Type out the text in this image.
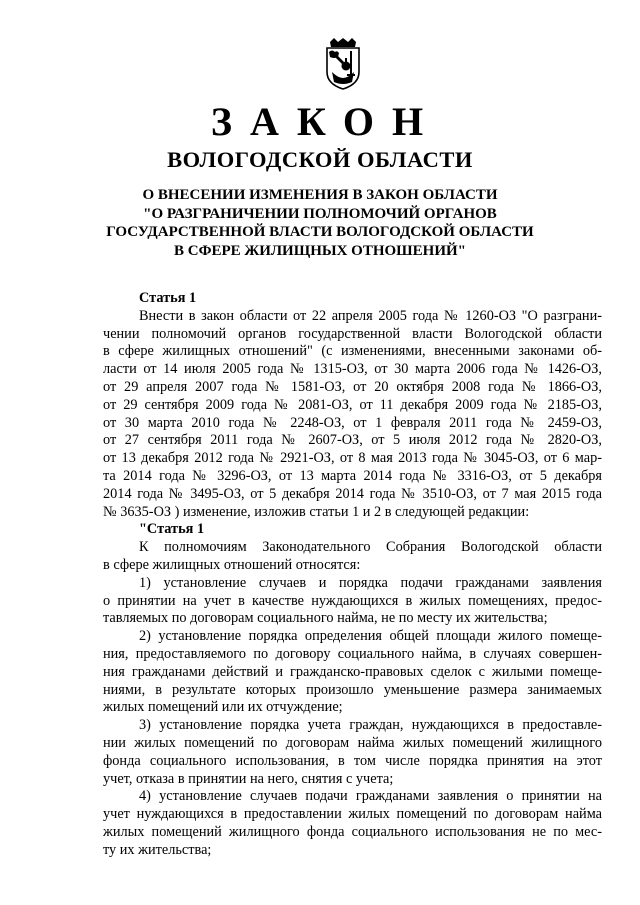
ЗАКОН
ВОЛОГОДСКОЙ ОБЛАСТИ
О ВНЕСЕНИИ ИЗМЕНЕНИЯ В ЗАКОН ОБЛАСТИ
"О РАЗГРАНИЧЕНИИ ПОЛНОМОЧИЙ ОРГАНОВ
ГОСУДАРСТВЕННОЙ ВЛАСТИ ВОЛОГОДСКОЙ ОБЛАСТИ
В СФЕРЕ ЖИЛИЩНЫХ ОТНОШЕНИЙ"
Статья 1
Внести в закон области от 22 апреля 2005 года № 1260-ОЗ "О разграни-
чении полномочий органов государственной власти Вологодской области
в сфере жилищных отношений" (с изменениями, внесенными законами об-
ласти от 14 июля 2005 года № 1315-ОЗ, от 30 марта 2006 года № 1426-ОЗ,
от 29 апреля 2007 года № 1581-ОЗ, от 20 октября 2008 года № 1866-ОЗ,
от 29 сентября 2009 года № 2081-ОЗ, от 11 декабря 2009 года № 2185-ОЗ,
от 30 марта 2010 года № 2248-ОЗ, от 1 февраля 2011 года № 2459-ОЗ,
от 27 сентября 2011 года № 2607-ОЗ, от 5 июля 2012 года № 2820-ОЗ,
от 13 декабря 2012 года № 2921-ОЗ, от 8 мая 2013 года № 3045-ОЗ, от 6 мар-
та 2014 года № 3296-ОЗ, от 13 марта 2014 года № 3316-ОЗ, от 5 декабря
2014 года № 3495-ОЗ, от 5 декабря 2014 года № 3510-ОЗ, от 7 мая 2015 года
№ 3635-ОЗ ) изменение, изложив статьи 1 и 2 в следующей редакции:
"Статья 1
К полномочиям Законодательного Собрания Вологодской области
в сфере жилищных отношений относятся:
1) установление случаев и порядка подачи гражданами заявления
о принятии на учет в качестве нуждающихся в жилых помещениях, предос-
тавляемых по договорам социального найма, не по месту их жительства;
2) установление порядка определения общей площади жилого помеще-
ния, предоставляемого по договору социального найма, в случаях совершен-
ния гражданами действий и гражданско-правовых сделок с жилыми помеще-
ниями, в результате которых произошло уменьшение размера занимаемых
жилых помещений или их отчуждение;
3) установление порядка учета граждан, нуждающихся в предоставле-
нии жилых помещений по договорам найма жилых помещений жилищного
фонда социального использования, в том числе порядка принятия на этот
учет, отказа в принятии на него, снятия с учета;
4) установление случаев подачи гражданами заявления о принятии на
учет нуждающихся в предоставлении жилых помещений по договорам найма
жилых помещений жилищного фонда социального использования не по мес-
ту их жительства;
